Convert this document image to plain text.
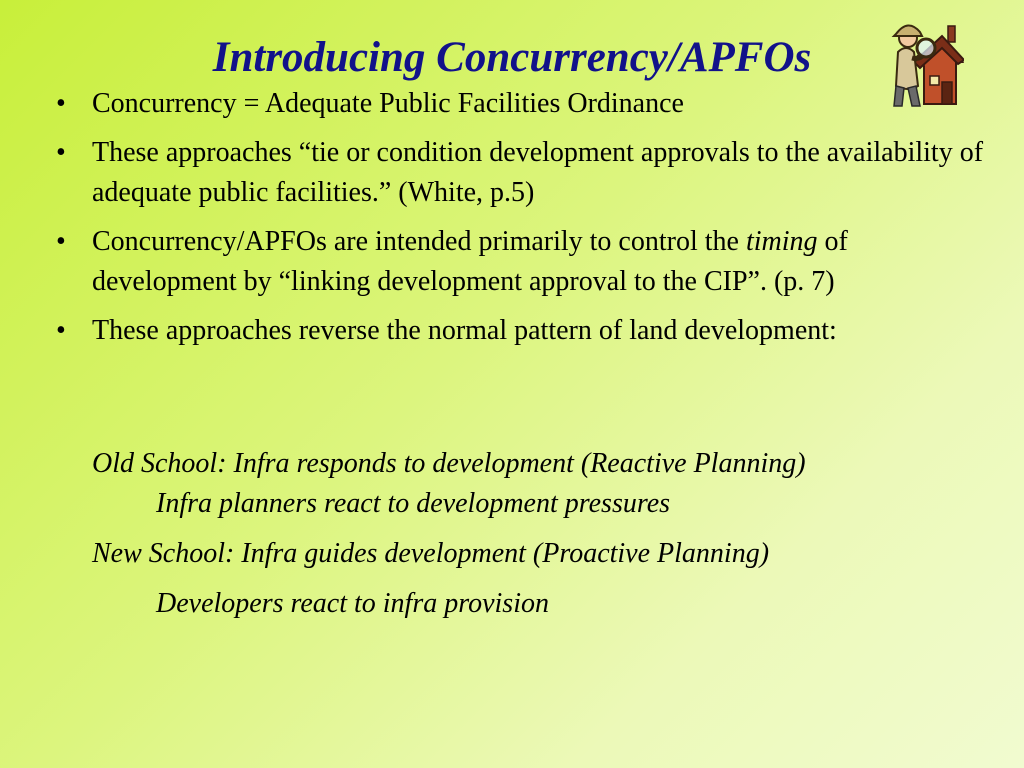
Introducing Concurrency/APFOs
• Concurrency = Adequate Public Facilities Ordinance
• These approaches “tie or condition development approvals to the availability of adequate public facilities.” (White, p.5)
• Concurrency/APFOs are intended primarily to control the timing of development by “linking development approval to the CIP”. (p. 7)
• These approaches reverse the normal pattern of land development:
Old School: Infra responds to development (Reactive Planning)
Infra planners react to development pressures
New School: Infra guides development (Proactive Planning)
Developers react to infra provision
